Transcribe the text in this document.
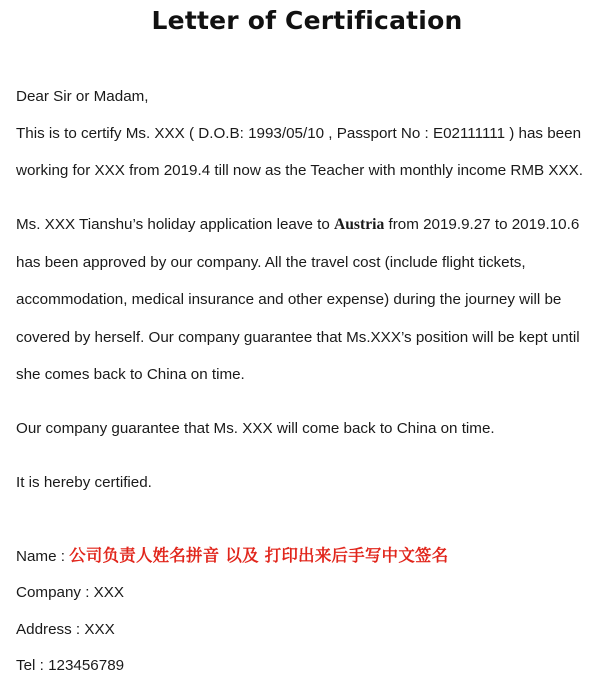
Letter of Certification
Dear Sir or Madam,
This is to certify Ms. XXX ( D.O.B: 1993/05/10 , Passport No : E02111111 ) has been
working for XXX from 2019.4 till now as the Teacher with monthly income RMB XXX.
Ms. XXX Tianshu’s holiday application leave to Austria from 2019.9.27 to 2019.10.6
has been approved by our company. All the travel cost (include flight tickets,
accommodation, medical insurance and other expense) during the journey will be
covered by herself. Our company guarantee that Ms.XXX’s position will be kept until
she comes back to China on time.
Our company guarantee that Ms. XXX will come back to China on time.
It is hereby certified.
Name : 公司负责人姓名拼音 以及 打印出来后手写中文签名
Company : XXX
Address : XXX
Tel : 123456789
